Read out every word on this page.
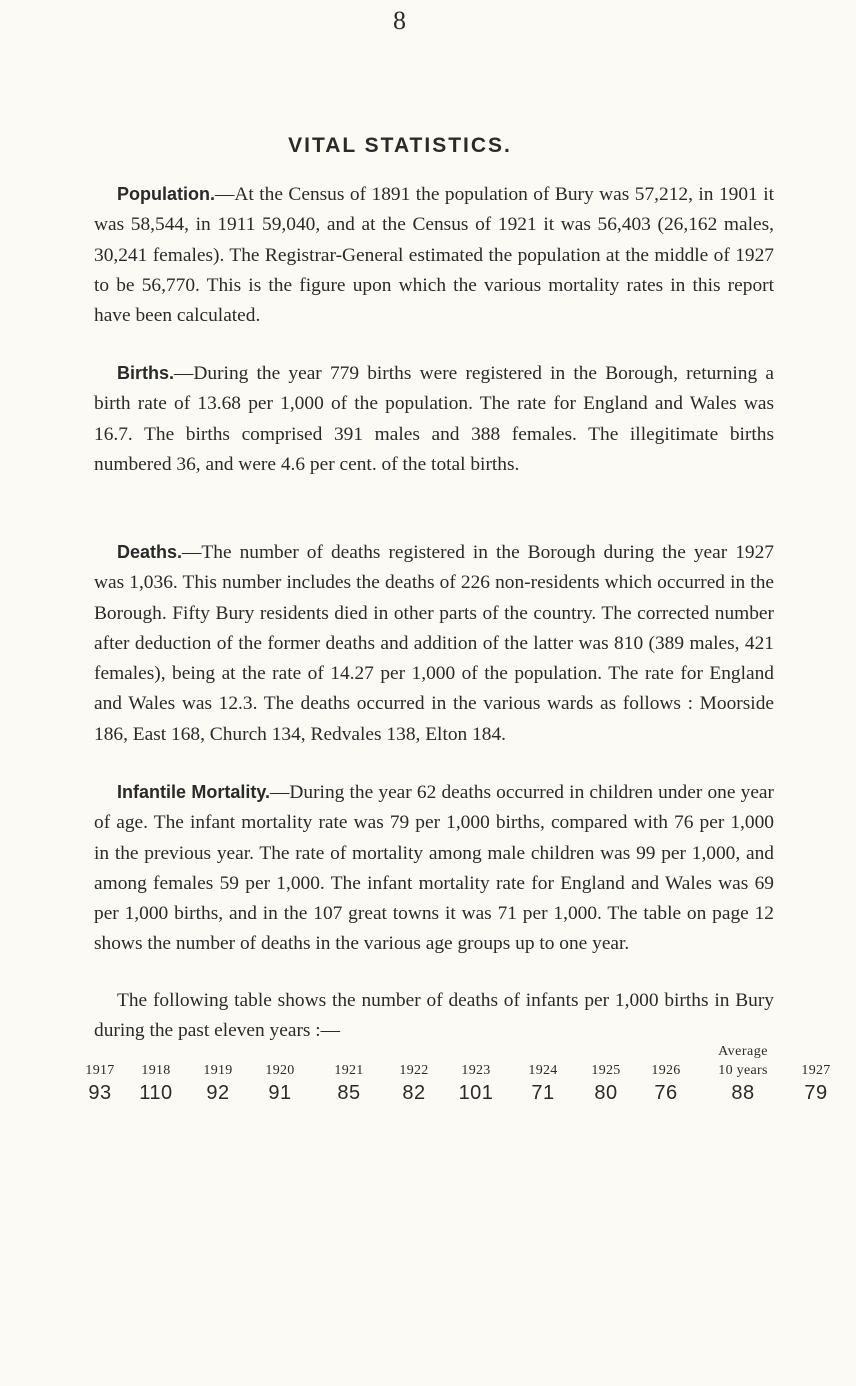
8
VITAL STATISTICS.

Population.—At the Census of 1891 the population of Bury was 57,212, in 1901 it was 58,544, in 1911 59,040, and at the Census of 1921 it was 56,403 (26,162 males, 30,241 females). The Registrar-General estimated the population at the middle of 1927 to be 56,770. This is the figure upon which the various mortality rates in this report have been calculated.

Births.—During the year 779 births were registered in the Borough, returning a birth rate of 13.68 per 1,000 of the population. The rate for England and Wales was 16.7. The births comprised 391 males and 388 females. The illegitimate births numbered 36, and were 4.6 per cent. of the total births.

Deaths.—The number of deaths registered in the Borough during the year 1927 was 1,036. This number includes the deaths of 226 non-residents which occurred in the Borough. Fifty Bury residents died in other parts of the country. The corrected number after deduction of the former deaths and addition of the latter was 810 (389 males, 421 females), being at the rate of 14.27 per 1,000 of the population. The rate for England and Wales was 12.3. The deaths occurred in the various wards as follows : Moorside 186, East 168, Church 134, Redvales 138, Elton 184.

Infantile Mortality.—During the year 62 deaths occurred in children under one year of age. The infant mortality rate was 79 per 1,000 births, compared with 76 per 1,000 in the previous year. The rate of mortality among male children was 99 per 1,000, and among females 59 per 1,000. The infant mortality rate for England and Wales was 69 per 1,000 births, and in the 107 great towns it was 71 per 1,000. The table on page 12 shows the number of deaths in the various age groups up to one year.

The following table shows the number of deaths of infants per 1,000 births in Bury during the past eleven years :—

Average
1917
93
1918
110
1919
92
1920
91
1921
85
1922
82
1923
101
1924
71
1925
80
1926
76
10 years
88
1927
79
